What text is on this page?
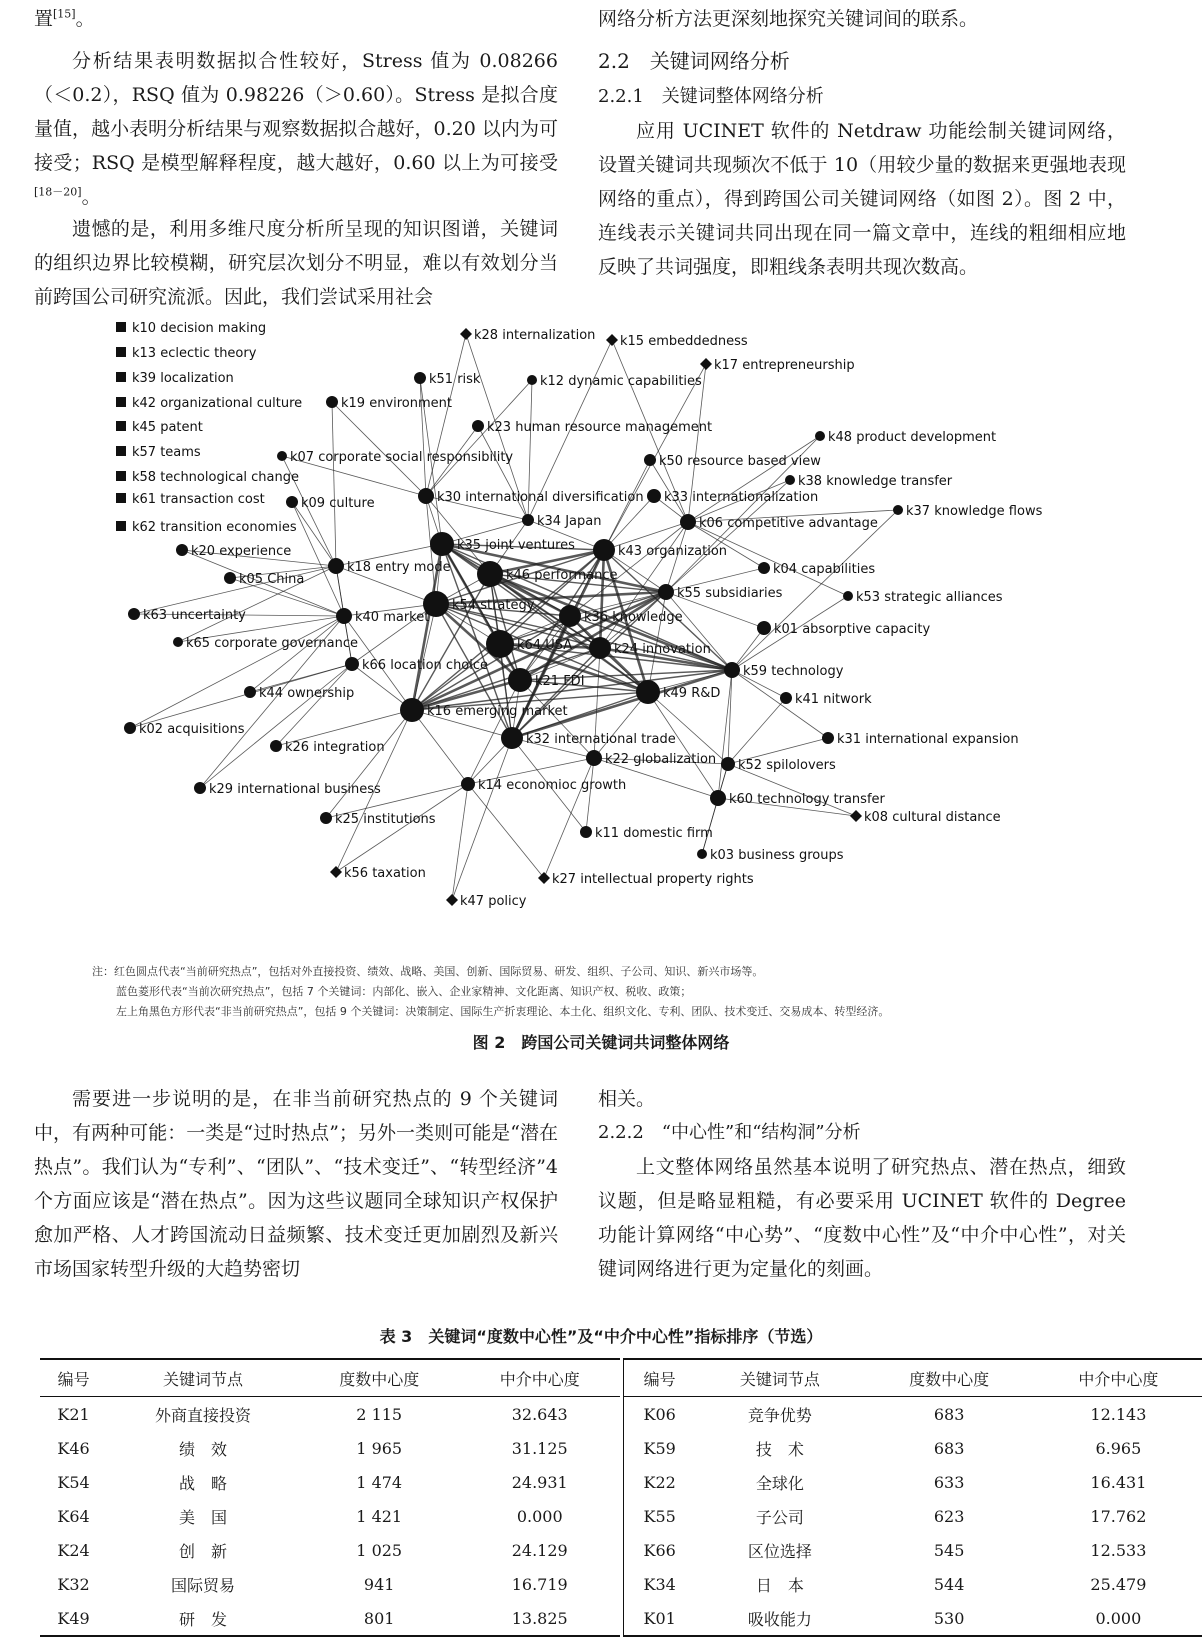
置[15]。

分析结果表明数据拟合性较好，Stress 值为 0.08266（＜0.2），RSQ 值为 0.98226（＞0.60）。Stress 是拟合度量值，越小表明分析结果与观察数据拟合越好，0.20 以内为可接受；RSQ 是模型解释程度，越大越好，0.60 以上为可接受[18－20]。

遗憾的是，利用多维尺度分析所呈现的知识图谱，关键词的组织边界比较模糊，研究层次划分不明显，难以有效划分当前跨国公司研究流派。因此，我们尝试采用社会

网络分析方法更深刻地探究关键词间的联系。

2.2　关键词网络分析
2.2.1　关键词整体网络分析

应用 UCINET 软件的 Netdraw 功能绘制关键词网络，设置关键词共现频次不低于 10（用较少量的数据来更强地表现网络的重点），得到跨国公司关键词网络（如图 2）。图 2 中，连线表示关键词共同出现在同一篇文章中，连线的粗细相应地反映了共词强度，即粗线条表明共现次数高。

k10 decision making
k13 eclectic theory
k39 localization
k42 organizational culture
k45 patent
k57 teams
k58 technological change
k61 transaction cost
k62 transition economies
k28 internalization k15 embeddedness
k17 entrepreneurship
k51 risk	k12 dynamic capabilities
k19 environment
k23 human resource management
k48 product development
k07 corporate social responsibility	k50 resource based view
k38 knowledge transfer
k09 culture	k30 international diversification k33 internationalization
k37 knowledge flows
k34 Japan	k06 competitive advantage
k35 joint ventures	k43 organization
k20 experience
k18 entry mode
k46 performance	k04 capabilities
k05 China
k55 subsidiaries
k54 strategy
k53 strategic alliances
k63 uncertainty	k40 market	k36 knowledge
k01 absorptive capacity
k65 corporate governance	k64 USA	k24 innovation
k66 location choice
k21 FDI
k59 technology
k49 R&D
k44 ownership	k41 nitwork
k16 emerging market
k02 acquisitions
k32 international trade	k31 international expansion
k26 integration
k22 globalization k52 spilolovers
k29 international business	k14 economioc growth
k60 technology transfer
k25 institutions	k08 cultural distance
k11 domestic firm
k03 business groups
k56 taxation	k27 intellectual property rights
k47 policy
注：红色圆点代表“当前研究热点”，包括对外直接投资、绩效、战略、美国、创新、国际贸易、研发、组织、子公司、知识、新兴市场等。
蓝色菱形代表“当前次研究热点”，包括 7 个关键词：内部化、嵌入、企业家精神、文化距离、知识产权、税收、政策；
左上角黑色方形代表“非当前研究热点”，包括 9 个关键词：决策制定、国际生产折衷理论、本土化、组织文化、专利、团队、技术变迁、交易成本、转型经济。

图 2　跨国公司关键词共词整体网络

需要进一步说明的是，在非当前研究热点的 9 个关键词中，有两种可能：一类是“过时热点”；另外一类则可能是“潜在热点”。我们认为“专利”、“团队”、“技术变迁”、“转型经济”4 个方面应该是“潜在热点”。因为这些议题同全球知识产权保护愈加严格、人才跨国流动日益频繁、技术变迁更加剧烈及新兴市场国家转型升级的大趋势密切

相关。

2.2.2　“中心性”和“结构洞”分析

上文整体网络虽然基本说明了研究热点、潜在热点，细致议题，但是略显粗糙，有必要采用 UCINET 软件的 Degree 功能计算网络“中心势”、“度数中心性”及“中介中心性”，对关键词网络进行更为定量化的刻画。

表 3　关键词“度数中心性”及“中介中心性”指标排序（节选）

编号	关键词节点	度数中心度	中介中心度
K21	外商直接投资	2 115	32.643
K46	绩　效	1 965	31.125
K54	战　略	1 474	24.931
K64	美　国	1 421	0.000
K24	创　新	1 025	24.129
K32	国际贸易	941	16.719
K49	研　发	801	13.825
编号	关键词节点	度数中心度	中介中心度
K06	竞争优势	683	12.143
K59	技　术	683	6.965
K22	全球化	633	16.431
K55	子公司	623	17.762
K66	区位选择	545	12.533
K34	日　本	544	25.479
K01	吸收能力	530	0.000
